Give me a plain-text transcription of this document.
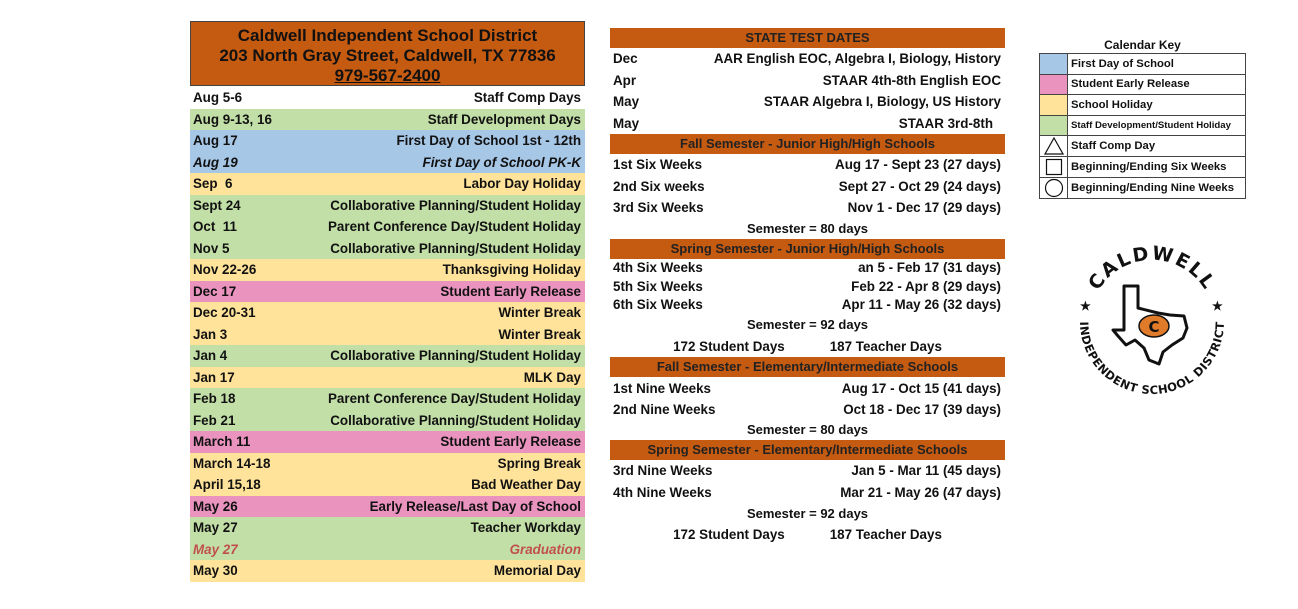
Caldwell Independent School District
203 North Gray Street, Caldwell, TX 77836
979-567-2400
Aug 5-6	Staff Comp Days
Aug 9-13, 16	Staff Development Days
Aug 17	First Day of School 1st - 12th
Aug 19	First Day of School PK-K
Sep  6	Labor Day Holiday
Sept 24	Collaborative Planning/Student Holiday
Oct  11	Parent Conference Day/Student Holiday
Nov 5	Collaborative Planning/Student Holiday
Nov 22-26	Thanksgiving Holiday
Dec 17	Student Early Release
Dec 20-31	Winter Break
Jan 3	Winter Break
Jan 4	Collaborative Planning/Student Holiday
Jan 17	MLK Day
Feb 18	Parent Conference Day/Student Holiday
Feb 21	Collaborative Planning/Student Holiday
March 11	Student Early Release
March 14-18	Spring Break
April 15,18	Bad Weather Day
May 26	Early Release/Last Day of School
May 27	Teacher Workday
May 27	Graduation
May 30	Memorial Day
STATE TEST DATES
Dec	AAR English EOC, Algebra I, Biology, History
Apr	STAAR 4th-8th English EOC
May	STAAR Algebra I, Biology, US History
May	STAAR 3rd-8th
Fall Semester - Junior High/High Schools
1st Six Weeks	Aug 17 - Sept 23 (27 days)
2nd Six weeks	Sept 27 - Oct 29 (24 days)
3rd Six Weeks	Nov 1 - Dec 17 (29 days)
Semester = 80 days
Spring Semester - Junior High/High Schools
4th Six Weeks	an 5 - Feb 17 (31 days)
5th Six Weeks	Feb 22 - Apr 8 (29 days)
6th Six Weeks	Apr 11 - May 26 (32 days)
Semester = 92 days
172 Student Days	187 Teacher Days
Fall Semester - Elementary/Intermediate Schools
1st Nine Weeks	Aug 17 - Oct 15 (41 days)
2nd Nine Weeks	Oct 18 - Dec 17 (39 days)
Semester = 80 days
Spring Semester - Elementary/Intermediate Schools
3rd Nine Weeks	Jan 5 - Mar 11 (45 days)
4th Nine Weeks	Mar 21 - May 26 (47 days)
Semester = 92 days
172 Student Days	187 Teacher Days
Calendar Key
First Day of School
Student Early Release
School Holiday
Staff Development/Student Holiday
Staff Comp Day
Beginning/Ending Six Weeks
Beginning/Ending Nine Weeks
CALDWELL
INDEPENDENT SCHOOL DISTRICT
C
★	★
